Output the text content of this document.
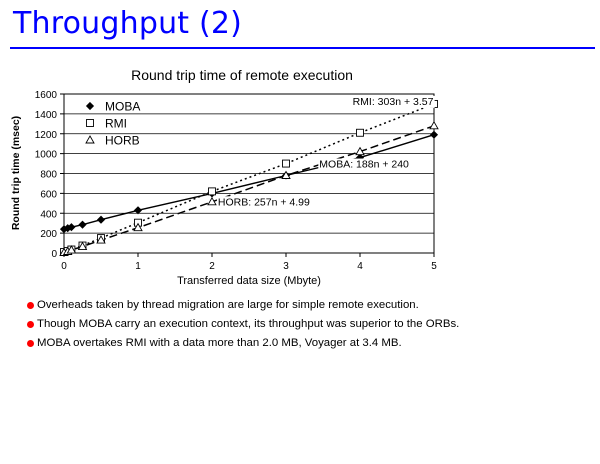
Throughput (2)
Round trip time of remote execution
0
200
400
600
800
1000
1200
1400
1600
0	1	2	3	4	5
MOBA
RMI
HORB
RMI: 303n + 3.57
MOBA: 188n + 240
HORB: 257n + 4.99
Transferred data size (Mbyte)
Round trip time (msec)
Overheads taken by thread migration are large for simple remote execution.
Though MOBA carry an execution context, its throughput was superior to the ORBs.
MOBA overtakes RMI with a data more than 2.0 MB, Voyager at 3.4 MB.
